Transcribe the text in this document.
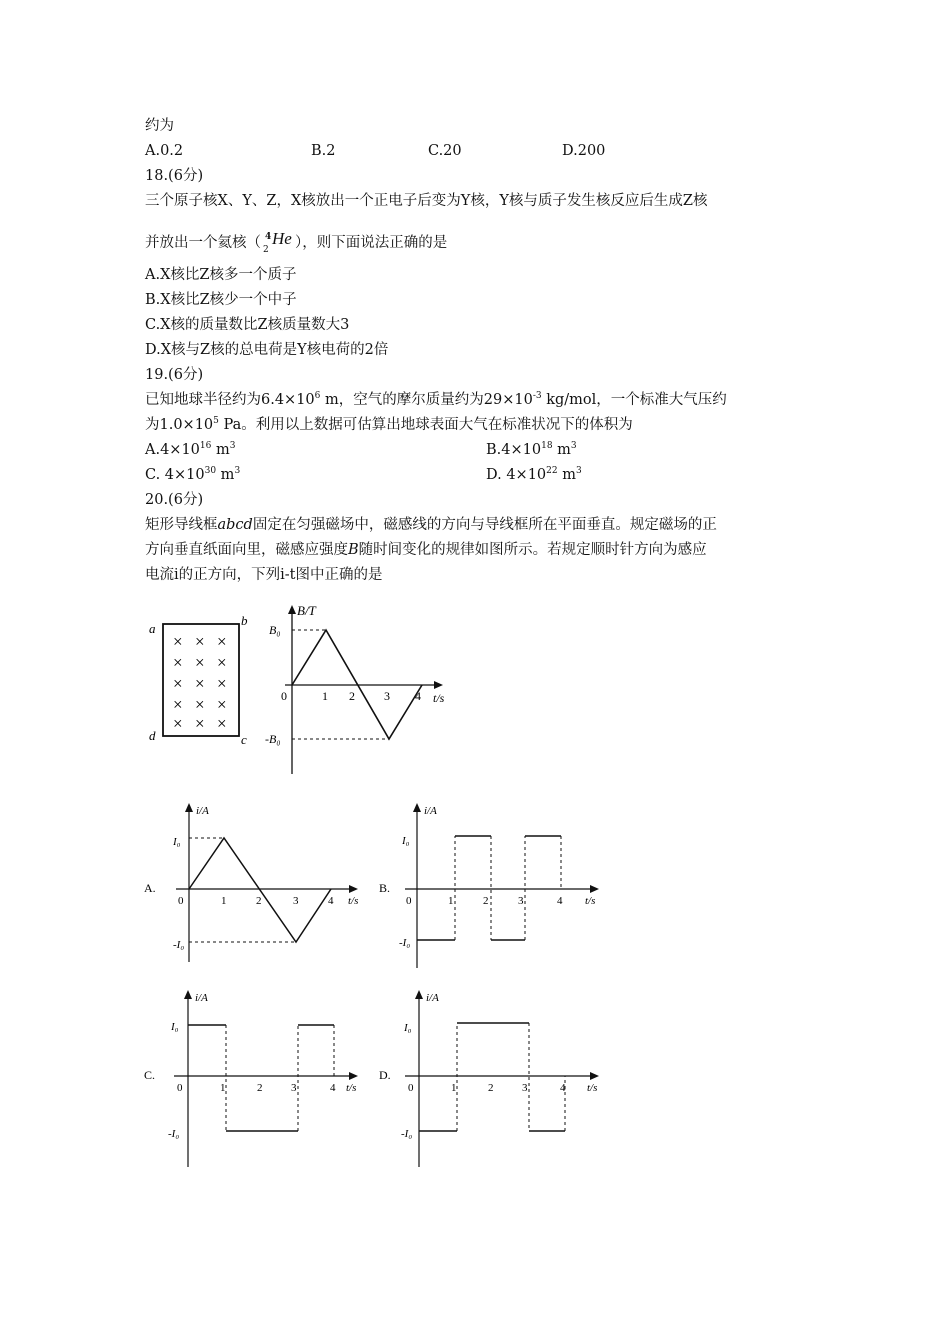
约为
A.0.2	B.2	C.20	D.200
18.(6分)
三个原子核X、Y、Z，X核放出一个正电子后变为Y核，Y核与质子发生核反应后生成Z核
并放出一个氦核（ 4
2
He ），则下面说法正确的是
A.X核比Z核多一个质子
B.X核比Z核少一个中子
C.X核的质量数比Z核质量数大3
D.X核与Z核的总电荷是Y核电荷的2倍
19.(6分)
已知地球半径约为$6.4\times 10^6$ m，空气的摩尔质量约为$29\times 10^{-3}$ kg/mol，一个标准大气压约
为$1.0\times 10^5$ Pa。利用以上数据可估算出地球表面大气在标准状况下的体积为
$A.4\times 10^{16}$ $m^3$	$B.4\times 10^{18}$ $m^3$
C. $4\times 10^{30}$ $m^3$	D. $4\times 10^{22}$ $m^3$
20.(6分)
矩形导线框abcd固定在匀强磁场中，磁感线的方向与导线框所在平面垂直。规定磁场的正
方向垂直纸面向里，磁感应强度B随时间变化的规律如图所示。若规定顺时针方向为感应
电流i的正方向，下列i-t图中正确的是
a
b
c
d
× × ×
× × ×
× × ×
× × ×
× × ×
B/T
t/s
B₀
-B₀
0	1 2 3 4
A.
i/A
t/s
I₀
-I₀
0	1	2	3	4
B.
i/A
t/s
I₀
-I₀
0	1	2	3	4
C.
i/A
t/s
I₀
-I₀
0	1	2	3	4
D.
i/A
t/s
I₀
-I₀
0	1	2	3	4
